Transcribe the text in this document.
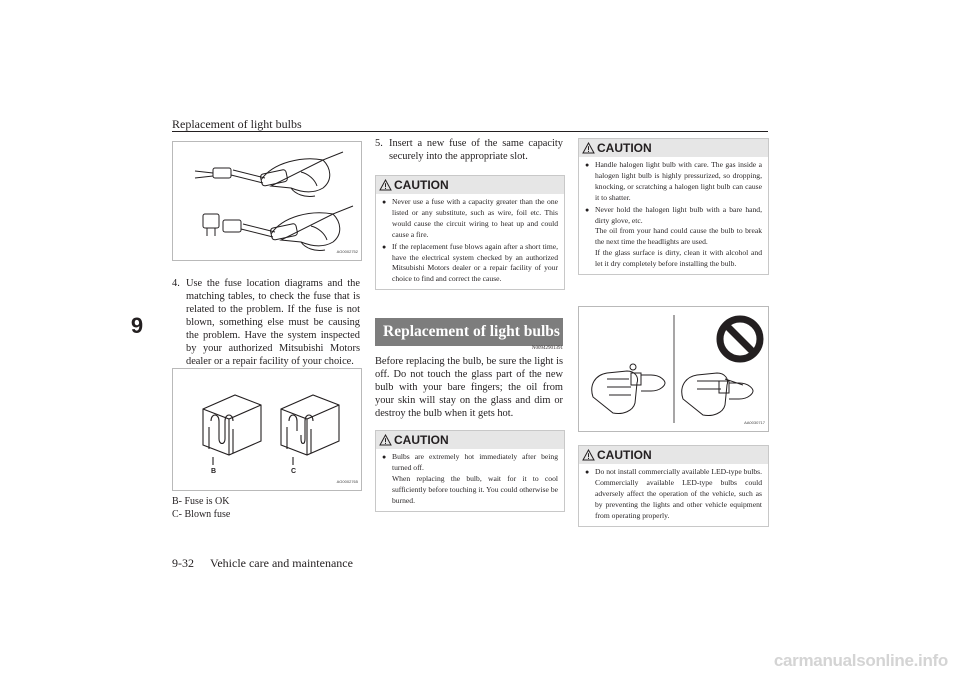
Replacement of light bulbs
9
AG0002752
4. Use the fuse location diagrams and the matching tables, to check the fuse that is related to the problem. If the fuse is not blown, something else must be causing the problem. Have the system inspected by your authorized Mitsubishi Motors dealer or a repair facility of your choice.
B	C
AG0002765
B- Fuse is OK
C- Blown fuse
5. Insert a new fuse of the same capacity securely into the appropriate slot.
CAUTION
● Never use a fuse with a capacity greater than the one listed or any substitute, such as wire, foil etc. This would cause the circuit wiring to heat up and could cause a fire.
● If the replacement fuse blows again after a short time, have the electrical system checked by an authorized Mitsubishi Motors dealer or a repair facility of your choice to find and correct the cause.
Replacement of light bulbs
N00942901391
Before replacing the bulb, be sure the light is off. Do not touch the glass part of the new bulb with your bare fingers; the oil from your skin will stay on the glass and dim or destroy the bulb when it gets hot.
CAUTION
● Bulbs are extremely hot immediately after being turned off.
When replacing the bulb, wait for it to cool sufficiently before touching it. You could otherwise be burned.
CAUTION
● Handle halogen light bulb with care. The gas inside a halogen light bulb is highly pressurized, so dropping, knocking, or scratching a halogen light bulb can cause it to shatter.
● Never hold the halogen light bulb with a bare hand, dirty glove, etc.
The oil from your hand could cause the bulb to break the next time the headlights are used.
If the glass surface is dirty, clean it with alcohol and let it dry completely before installing the bulb.
AA0030717
CAUTION
● Do not install commercially available LED-type bulbs. Commercially available LED-type bulbs could adversely affect the operation of the vehicle, such as by preventing the lights and other vehicle equipment from operating properly.
9-32 Vehicle care and maintenance
carmanualsonline.info
